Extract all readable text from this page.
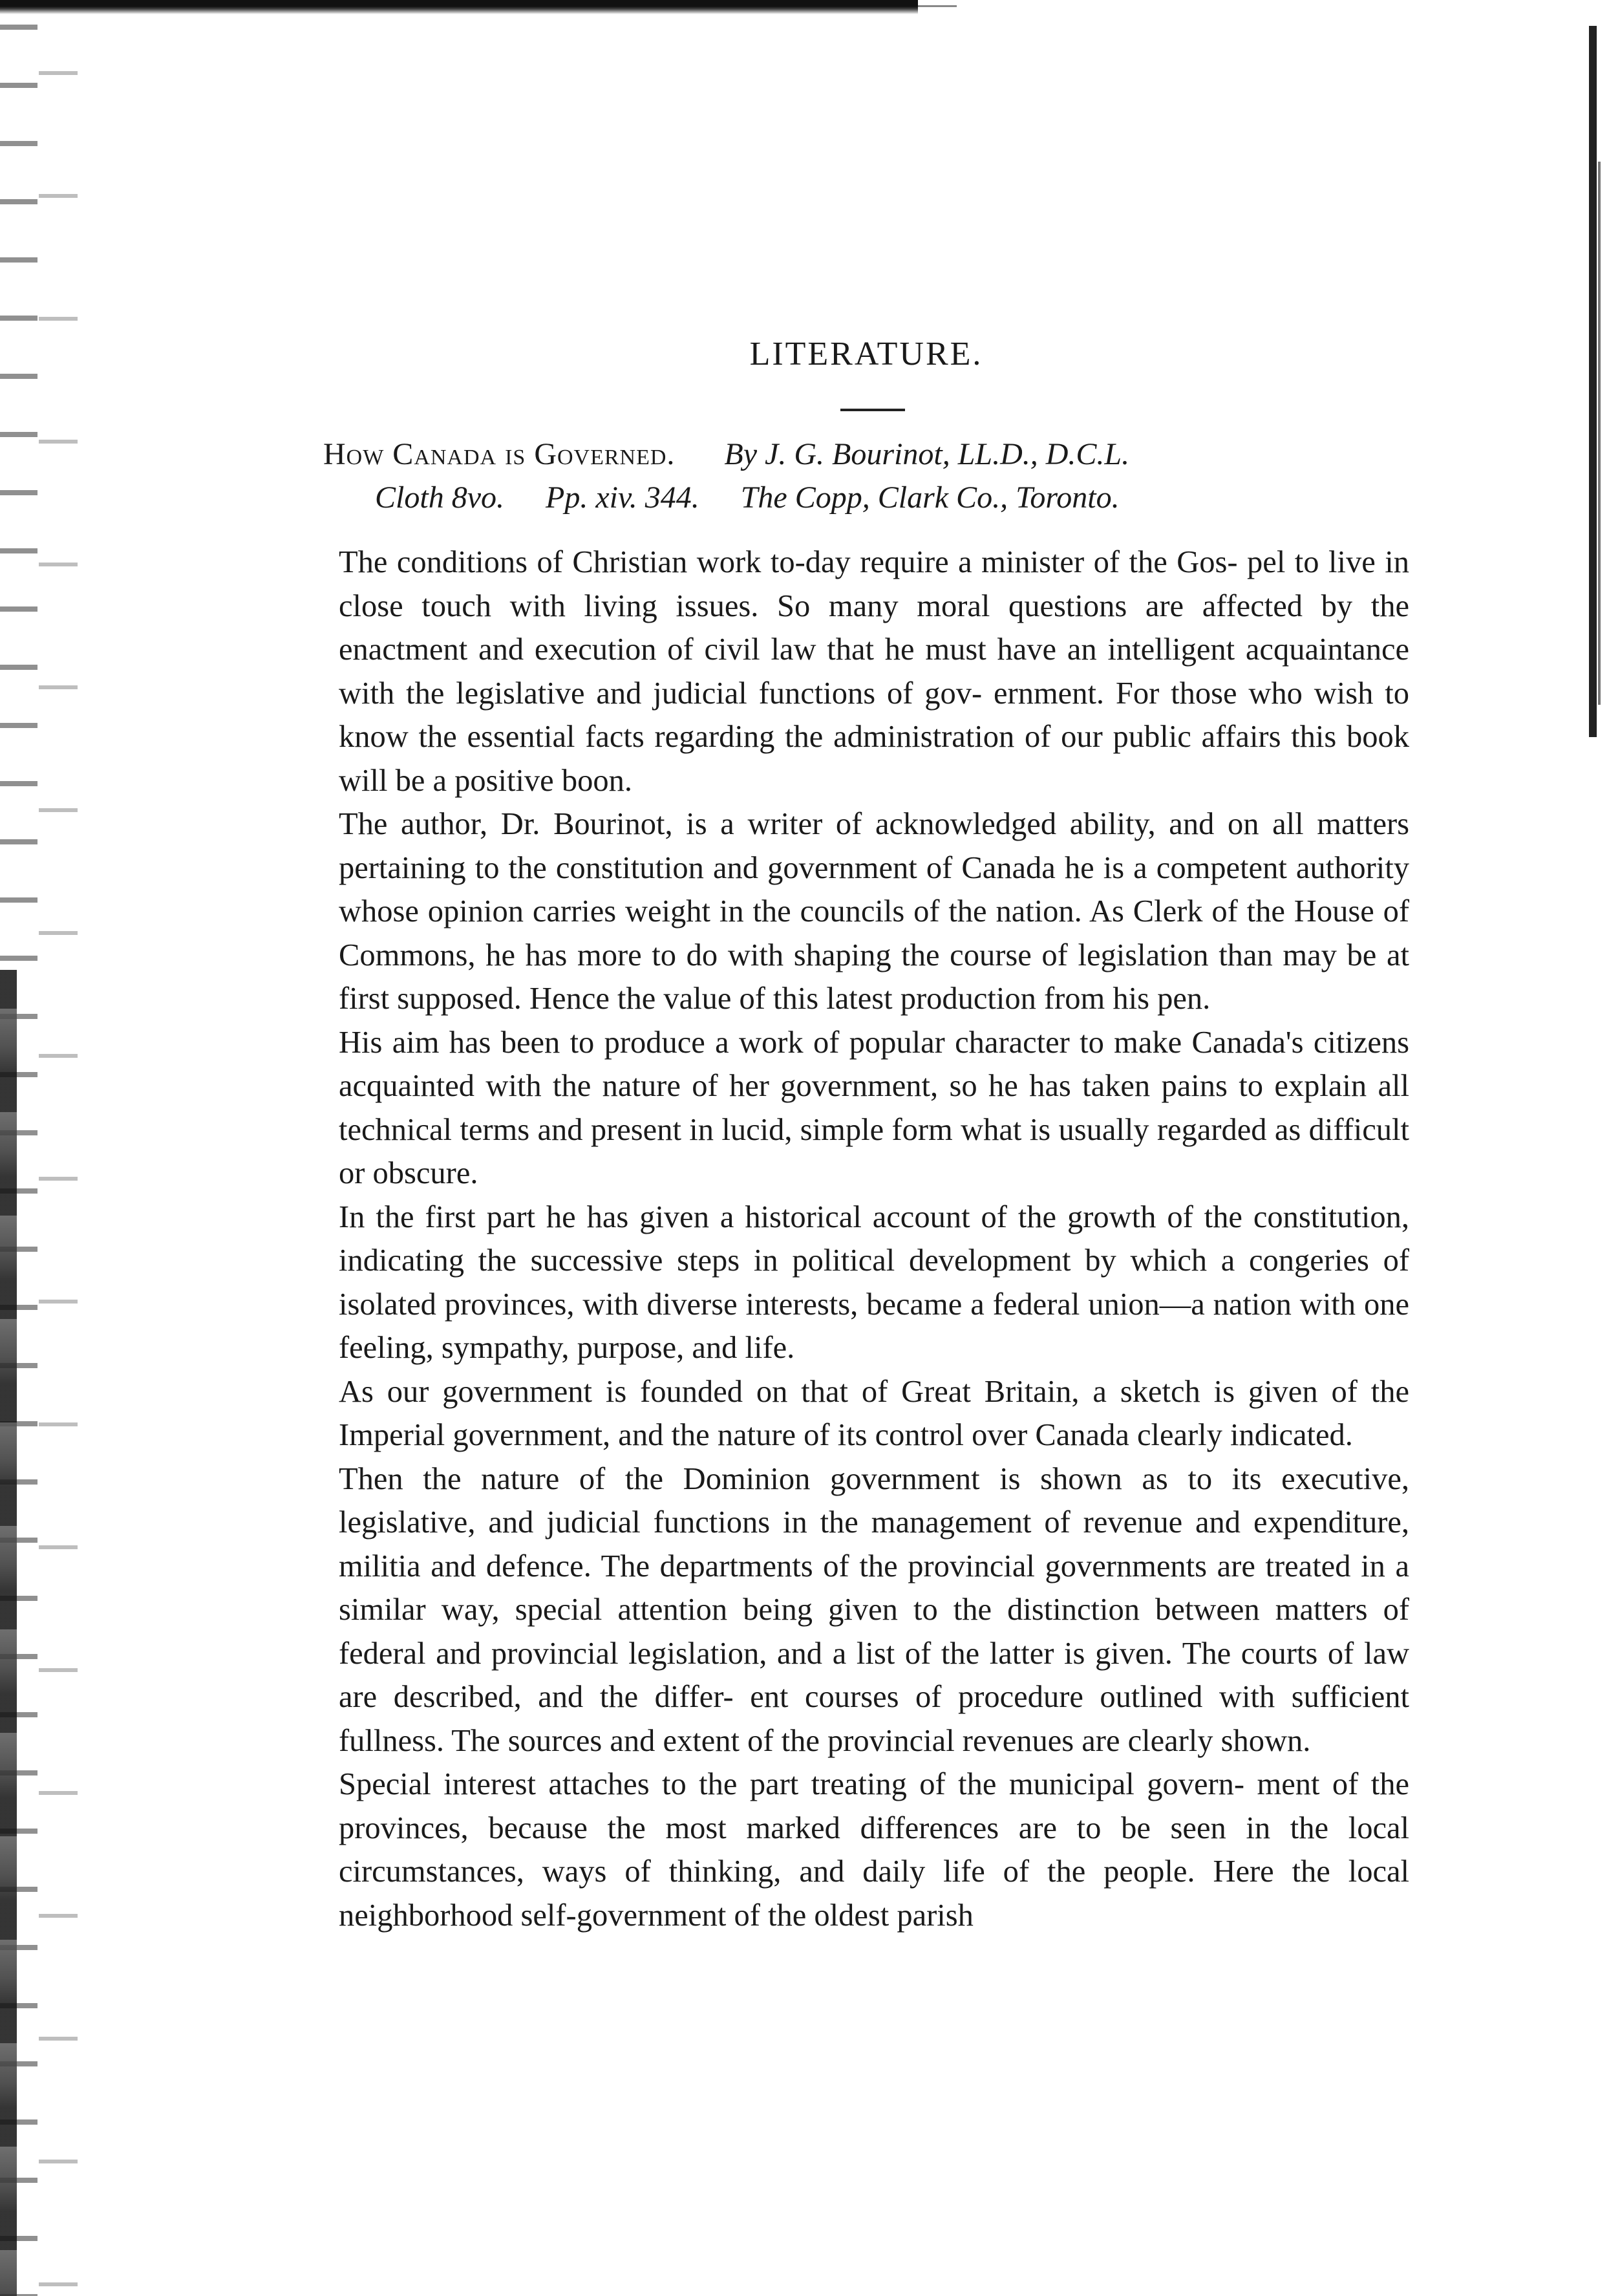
LITERATURE.
How Canada is Governed. By J. G. Bourinot, LL.D., D.C.L.
Cloth 8vo. Pp. xiv. 344. The Copp, Clark Co., Toronto.

The conditions of Christian work to-day require a minister of the Gos- pel to live in close touch with living issues. So many moral questions are affected by the enactment and execution of civil law that he must have an intelligent acquaintance with the legislative and judicial functions of gov- ernment. For those who wish to know the essential facts regarding the administration of our public affairs this book will be a positive boon.

The author, Dr. Bourinot, is a writer of acknowledged ability, and on all matters pertaining to the constitution and government of Canada he is a competent authority whose opinion carries weight in the councils of the nation. As Clerk of the House of Commons, he has more to do with shaping the course of legislation than may be at first supposed. Hence the value of this latest production from his pen.

His aim has been to produce a work of popular character to make Canada's citizens acquainted with the nature of her government, so he has taken pains to explain all technical terms and present in lucid, simple form what is usually regarded as difficult or obscure.

In the first part he has given a historical account of the growth of the constitution, indicating the successive steps in political development by which a congeries of isolated provinces, with diverse interests, became a federal union—a nation with one feeling, sympathy, purpose, and life.

As our government is founded on that of Great Britain, a sketch is given of the Imperial government, and the nature of its control over Canada clearly indicated.

Then the nature of the Dominion government is shown as to its executive, legislative, and judicial functions in the management of revenue and expenditure, militia and defence. The departments of the provincial governments are treated in a similar way, special attention being given to the distinction between matters of federal and provincial legislation, and a list of the latter is given. The courts of law are described, and the differ- ent courses of procedure outlined with sufficient fullness. The sources and extent of the provincial revenues are clearly shown.

Special interest attaches to the part treating of the municipal govern- ment of the provinces, because the most marked differences are to be seen in the local circumstances, ways of thinking, and daily life of the people. Here the local neighborhood self-government of the oldest parish
